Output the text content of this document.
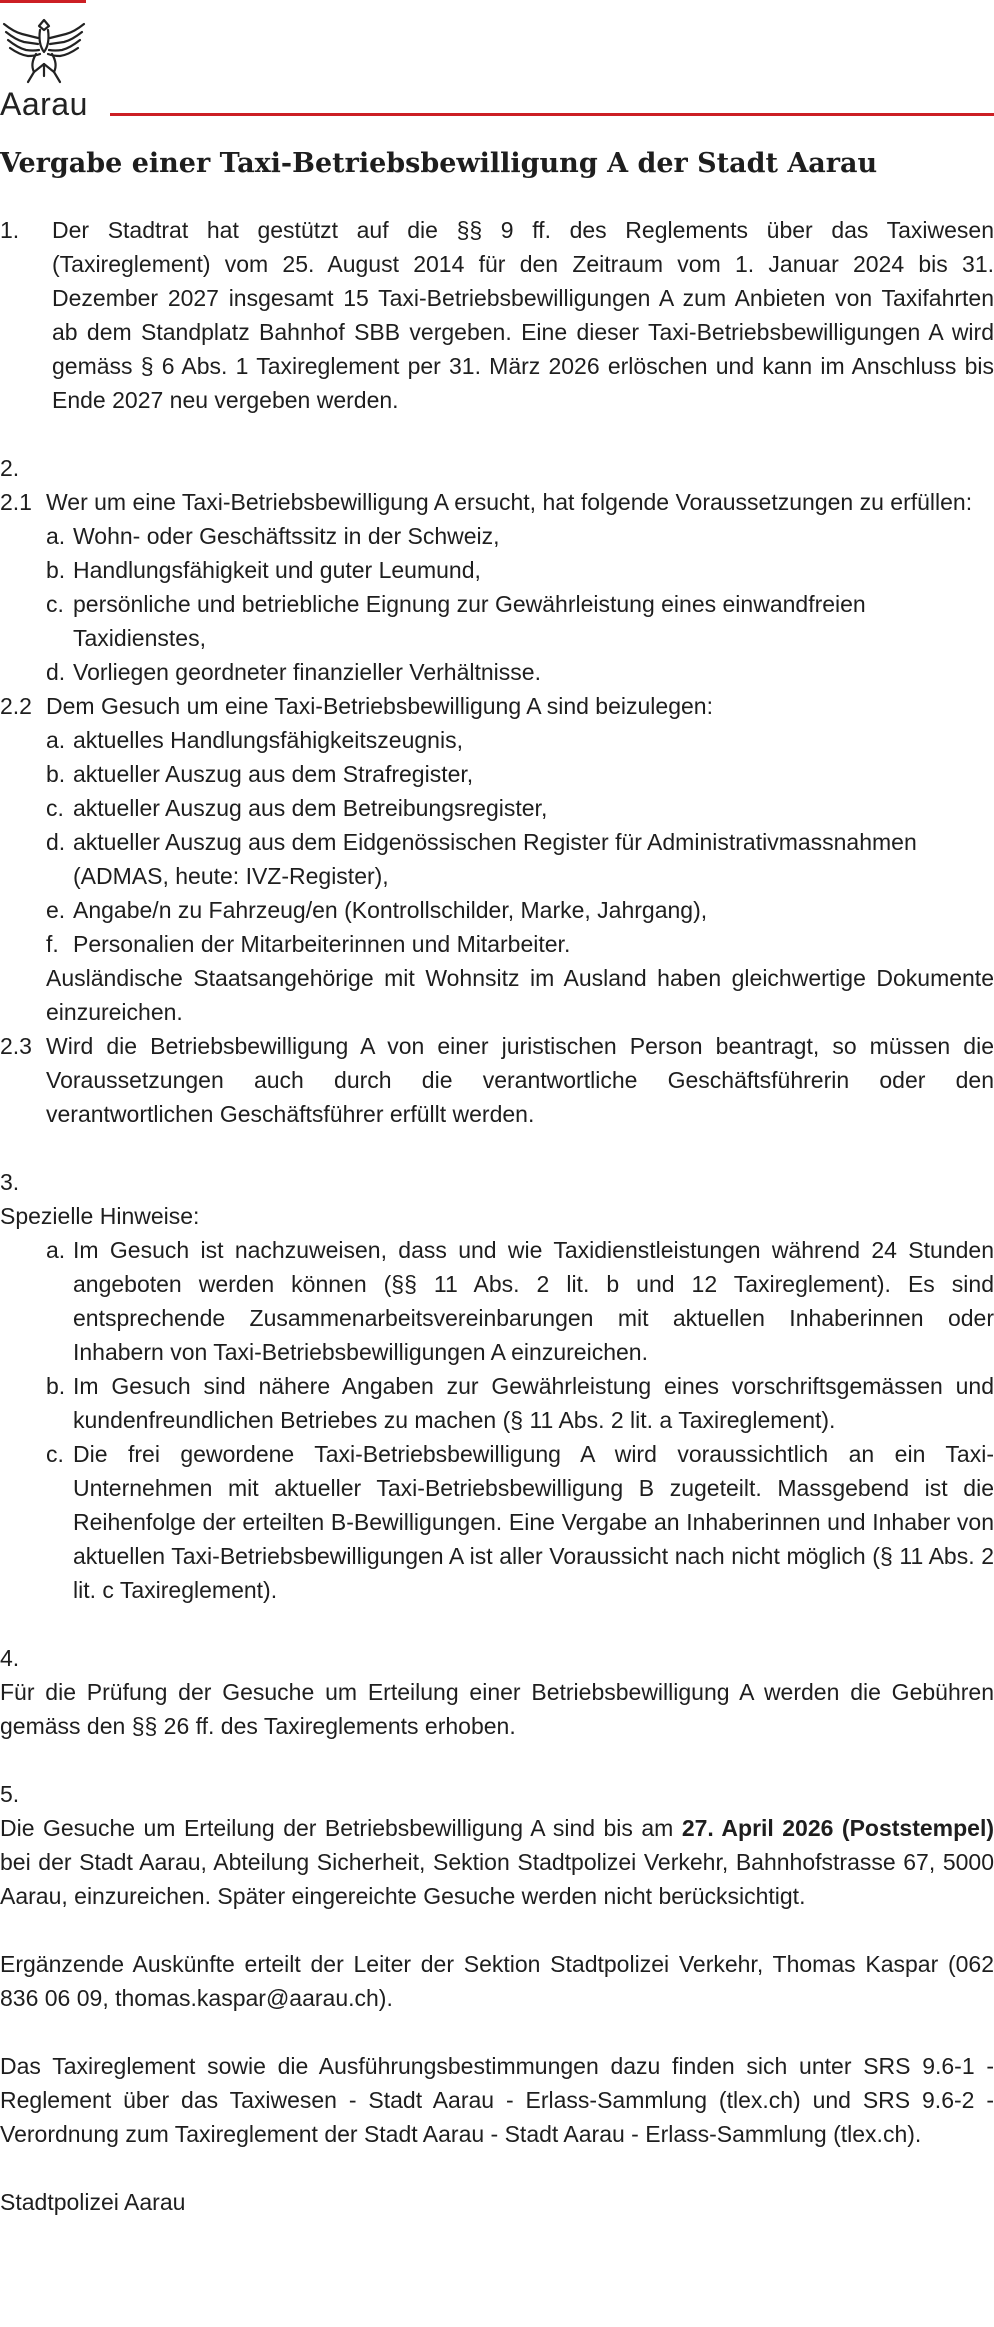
Aarau
Vergabe einer Taxi-Betriebsbewilligung A der Stadt Aarau
1. Der Stadtrat hat gestützt auf die §§ 9 ff. des Reglements über das Taxiwesen (Taxireglement) vom 25. August 2014 für den Zeitraum vom 1. Januar 2024 bis 31. Dezember 2027 insgesamt 15 Taxi-Betriebsbewilligungen A zum Anbieten von Taxifahrten ab dem Standplatz Bahnhof SBB vergeben. Eine dieser Taxi-Betriebsbewilligungen A wird gemäss § 6 Abs. 1 Taxireglement per 31. März 2026 erlöschen und kann im Anschluss bis Ende 2027 neu vergeben werden.

2.

2.1 Wer um eine Taxi-Betriebsbewilligung A ersucht, hat folgende Voraussetzungen zu erfüllen:
a. Wohn- oder Geschäftssitz in der Schweiz,
b. Handlungsfähigkeit und guter Leumund,
c. persönliche und betriebliche Eignung zur Gewährleistung eines einwandfreien Taxidienstes,
d. Vorliegen geordneter finanzieller Verhältnisse.
2.2 Dem Gesuch um eine Taxi-Betriebsbewilligung A sind beizulegen:
a. aktuelles Handlungsfähigkeitszeugnis,
b. aktueller Auszug aus dem Strafregister,
c. aktueller Auszug aus dem Betreibungsregister,
d. aktueller Auszug aus dem Eidgenössischen Register für Administrativmassnahmen (ADMAS, heute: IVZ-Register),
e. Angabe/n zu Fahrzeug/en (Kontrollschilder, Marke, Jahrgang),
f. Personalien der Mitarbeiterinnen und Mitarbeiter.

Ausländische Staatsangehörige mit Wohnsitz im Ausland haben gleichwertige Dokumente einzureichen.

2.3 Wird die Betriebsbewilligung A von einer juristischen Person beantragt, so müssen die Voraussetzungen auch durch die verantwortliche Geschäftsführerin oder den verantwortlichen Geschäftsführer erfüllt werden.

3.

Spezielle Hinweise:

a. Im Gesuch ist nachzuweisen, dass und wie Taxidienstleistungen während 24 Stunden angeboten werden können (§§ 11 Abs. 2 lit. b und 12 Taxireglement). Es sind entsprechende Zusammenarbeitsvereinbarungen mit aktuellen Inhaberinnen oder Inhabern von Taxi-Betriebsbewilligungen A einzureichen.
b. Im Gesuch sind nähere Angaben zur Gewährleistung eines vorschriftsgemässen und kundenfreundlichen Betriebes zu machen (§ 11 Abs. 2 lit. a Taxireglement).
c. Die frei gewordene Taxi-Betriebsbewilligung A wird voraussichtlich an ein Taxi-Unternehmen mit aktueller Taxi-Betriebsbewilligung B zugeteilt. Massgebend ist die Reihenfolge der erteilten B-Bewilligungen. Eine Vergabe an Inhaberinnen und Inhaber von aktuellen Taxi-Betriebsbewilligungen A ist aller Voraussicht nach nicht möglich (§ 11 Abs. 2 lit. c Taxireglement).

4.

Für die Prüfung der Gesuche um Erteilung einer Betriebsbewilligung A werden die Gebühren gemäss den §§ 26 ff. des Taxireglements erhoben.

5.

Die Gesuche um Erteilung der Betriebsbewilligung A sind bis am 27. April 2026 (Poststempel) bei der Stadt Aarau, Abteilung Sicherheit, Sektion Stadtpolizei Verkehr, Bahnhofstrasse 67, 5000 Aarau, einzureichen. Später eingereichte Gesuche werden nicht berücksichtigt.

Ergänzende Auskünfte erteilt der Leiter der Sektion Stadtpolizei Verkehr, Thomas Kaspar (062 836 06 09, thomas.kaspar@aarau.ch).

Das Taxireglement sowie die Ausführungsbestimmungen dazu finden sich unter SRS 9.6-1 - Reglement über das Taxiwesen - Stadt Aarau - Erlass-Sammlung (tlex.ch) und SRS 9.6-2 - Verordnung zum Taxireglement der Stadt Aarau - Stadt Aarau - Erlass-Sammlung (tlex.ch).

Stadtpolizei Aarau
